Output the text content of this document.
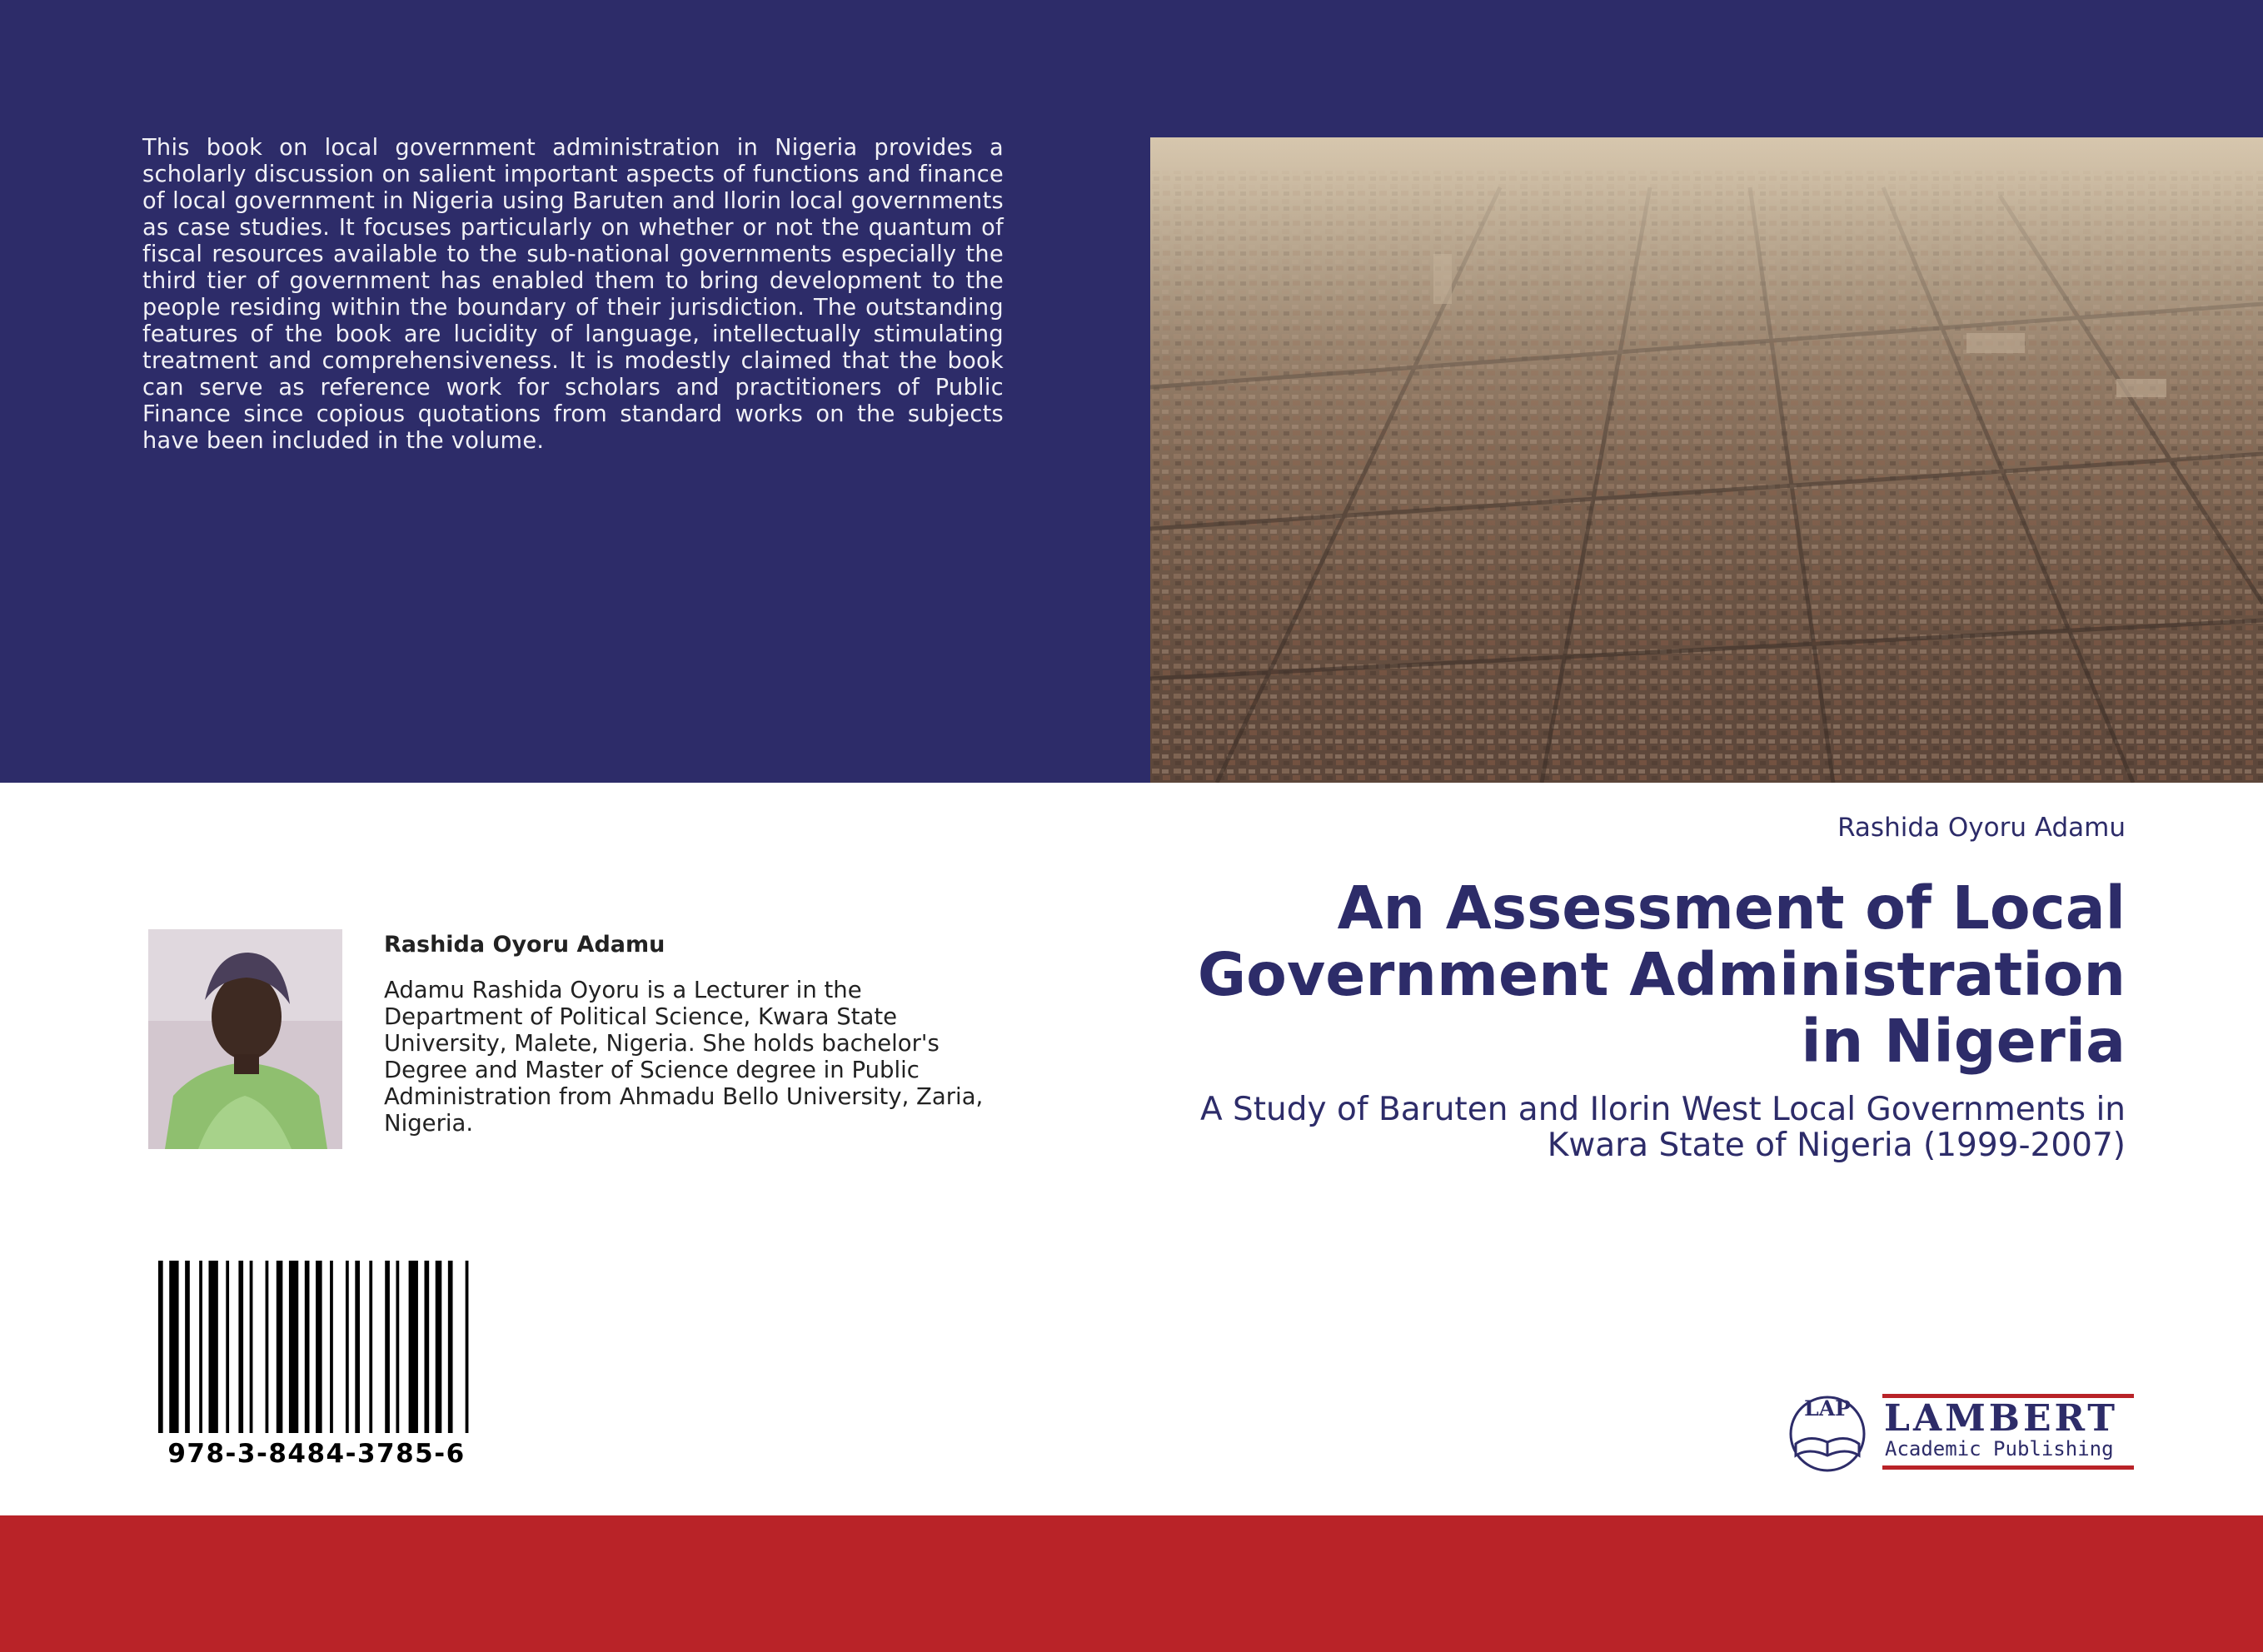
This book on local government administration in Nigeria provides a scholarly discussion on salient important aspects of functions and finance of local government in Nigeria using Baruten and Ilorin local governments as case studies. It focuses particularly on whether or not the quantum of fiscal resources available to the sub-national governments especially the third tier of government has enabled them to bring development to the people residing within the boundary of their jurisdiction. The outstanding features of the book are lucidity of language, intellectually stimulating treatment and comprehensiveness. It is modestly claimed that the book can serve as reference work for scholars and practitioners of Public Finance since copious quotations from standard works on the subjects have been included in the volume.

Rashida Oyoru Adamu
An Assessment of Local Government Administration in Nigeria

A Study of Baruten and Ilorin West Local Governments in Kwara State of Nigeria (1999-2007)

Rashida Oyoru Adamu

Adamu Rashida Oyoru is a Lecturer in the Department of Political Science, Kwara State University, Malete, Nigeria. She holds bachelor's Degree and Master of Science degree in Public Administration from Ahmadu Bello University, Zaria, Nigeria.

978-3-8484-3785-6
LAP LAMBERT
Academic Publishing
